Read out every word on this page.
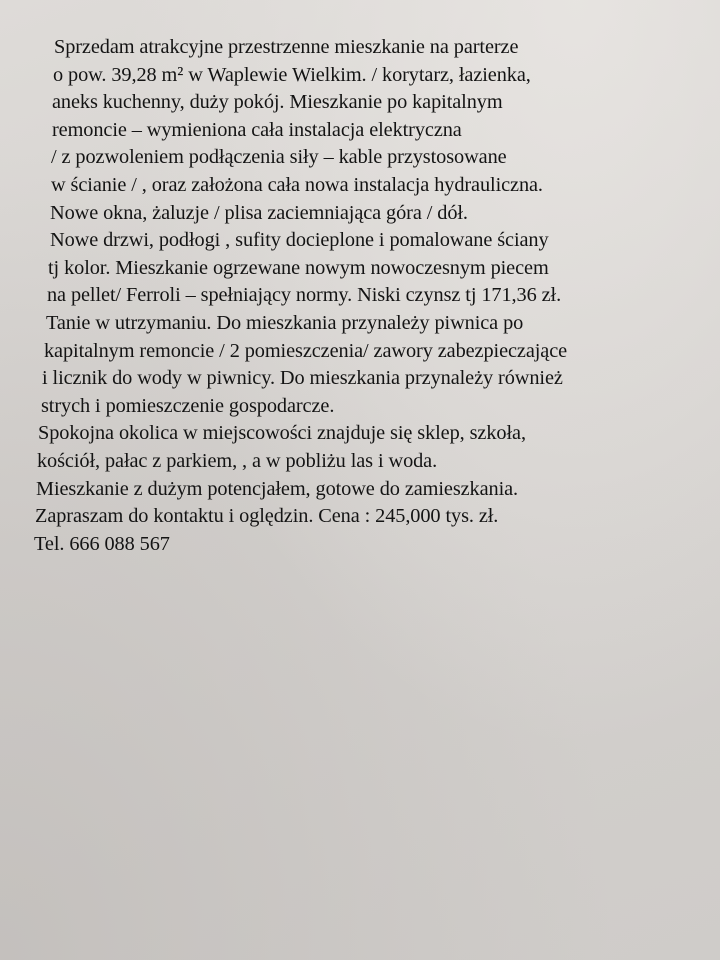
Sprzedam atrakcyjne przestrzenne mieszkanie na parterze
o pow. 39,28 m² w Waplewie Wielkim. / korytarz, łazienka,
aneks kuchenny, duży pokój. Mieszkanie po kapitalnym
remoncie – wymieniona cała instalacja elektryczna
/ z pozwoleniem podłączenia siły – kable przystosowane
w ścianie / , oraz założona cała nowa instalacja hydrauliczna.
Nowe okna, żaluzje / plisa zaciemniająca góra / dół.
Nowe drzwi, podłogi , sufity docieplone i pomalowane ściany
tj kolor. Mieszkanie ogrzewane nowym nowoczesnym piecem
na pellet/ Ferroli – spełniający normy. Niski czynsz tj 171,36 zł.
Tanie w utrzymaniu. Do mieszkania przynależy piwnica po
kapitalnym remoncie / 2 pomieszczenia/ zawory zabezpieczające
i licznik do wody w piwnicy. Do mieszkania przynależy również
strych i pomieszczenie gospodarcze.
Spokojna okolica w miejscowości znajduje się sklep, szkoła,
kościół, pałac z parkiem, , a w pobliżu las i woda.
Mieszkanie z dużym potencjałem, gotowe do zamieszkania.
Zapraszam do kontaktu i oględzin. Cena : 245,000 tys. zł.
Tel. 666 088 567
